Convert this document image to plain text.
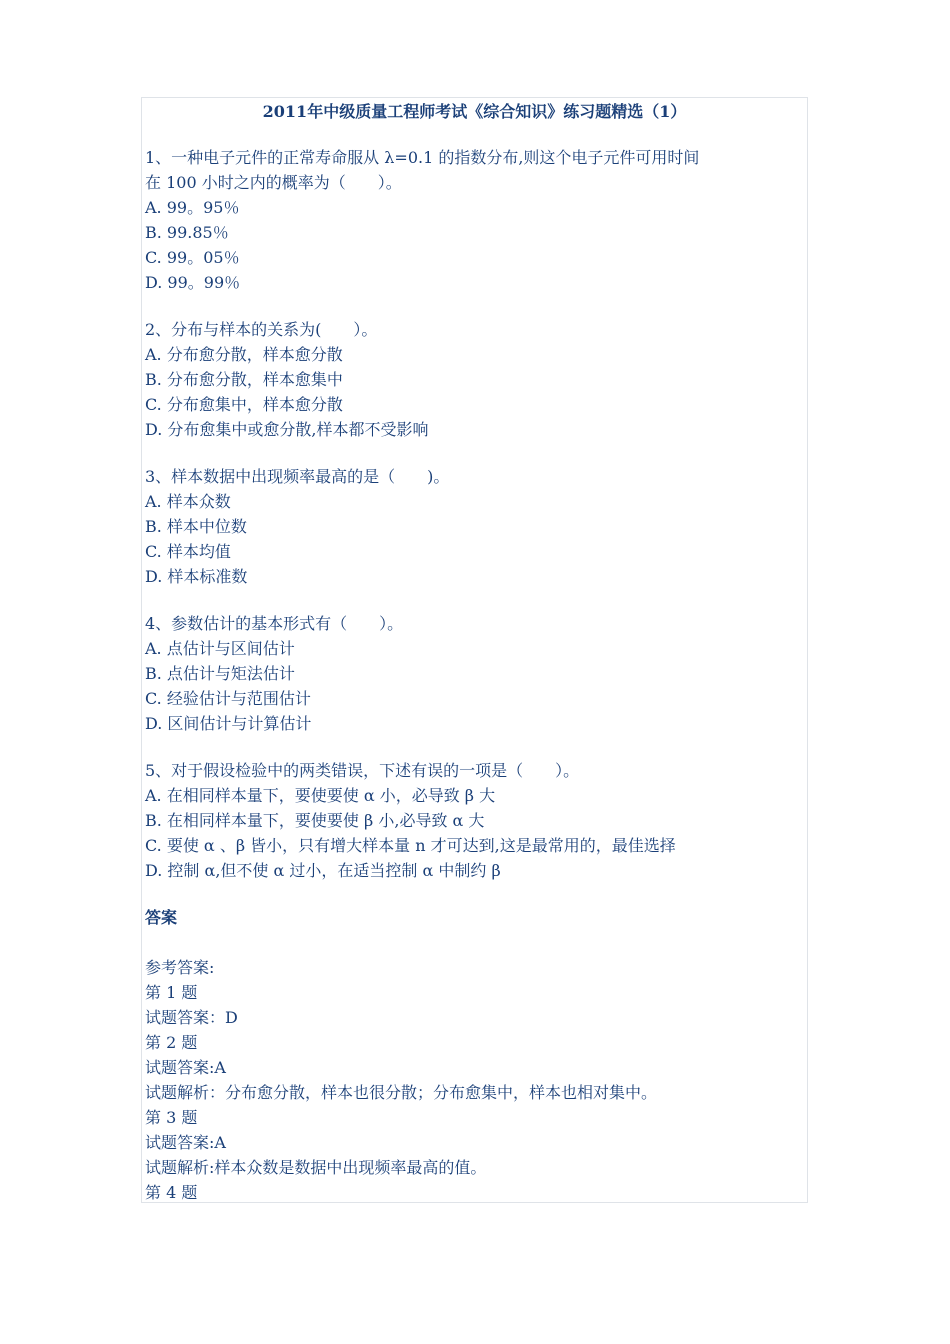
2011年中级质量工程师考试《综合知识》练习题精选（1）
1、一种电子元件的正常寿命服从 λ=0.1 的指数分布,则这个电子元件可用时间
在 100 小时之内的概率为（　　）。
A. 99。95％
B. 99.85％
C. 99。05％
D. 99。99％
2、分布与样本的关系为(　　）。
A. 分布愈分散，样本愈分散
B. 分布愈分散，样本愈集中
C. 分布愈集中，样本愈分散
D. 分布愈集中或愈分散,样本都不受影响
3、样本数据中出现频率最高的是（　　)。
A. 样本众数
B. 样本中位数
C. 样本均值
D. 样本标准数
4、参数估计的基本形式有（　　）。
A. 点估计与区间估计
B. 点估计与矩法估计
C. 经验估计与范围估计
D. 区间估计与计算估计
5、对于假设检验中的两类错误，下述有误的一项是（　　）。
A. 在相同样本量下，要使要使 α 小，必导致 β 大
B. 在相同样本量下，要使要使 β 小,必导致 α 大
C. 要使 α 、β 皆小，只有增大样本量 n 才可达到,这是最常用的，最佳选择
D. 控制 α,但不使 α 过小，在适当控制 α 中制约 β
答案
参考答案:
第 1 题
试题答案：D
第 2 题
试题答案:A
试题解析：分布愈分散，样本也很分散；分布愈集中，样本也相对集中。
第 3 题
试题答案:A
试题解析:样本众数是数据中出现频率最高的值。
第 4 题
